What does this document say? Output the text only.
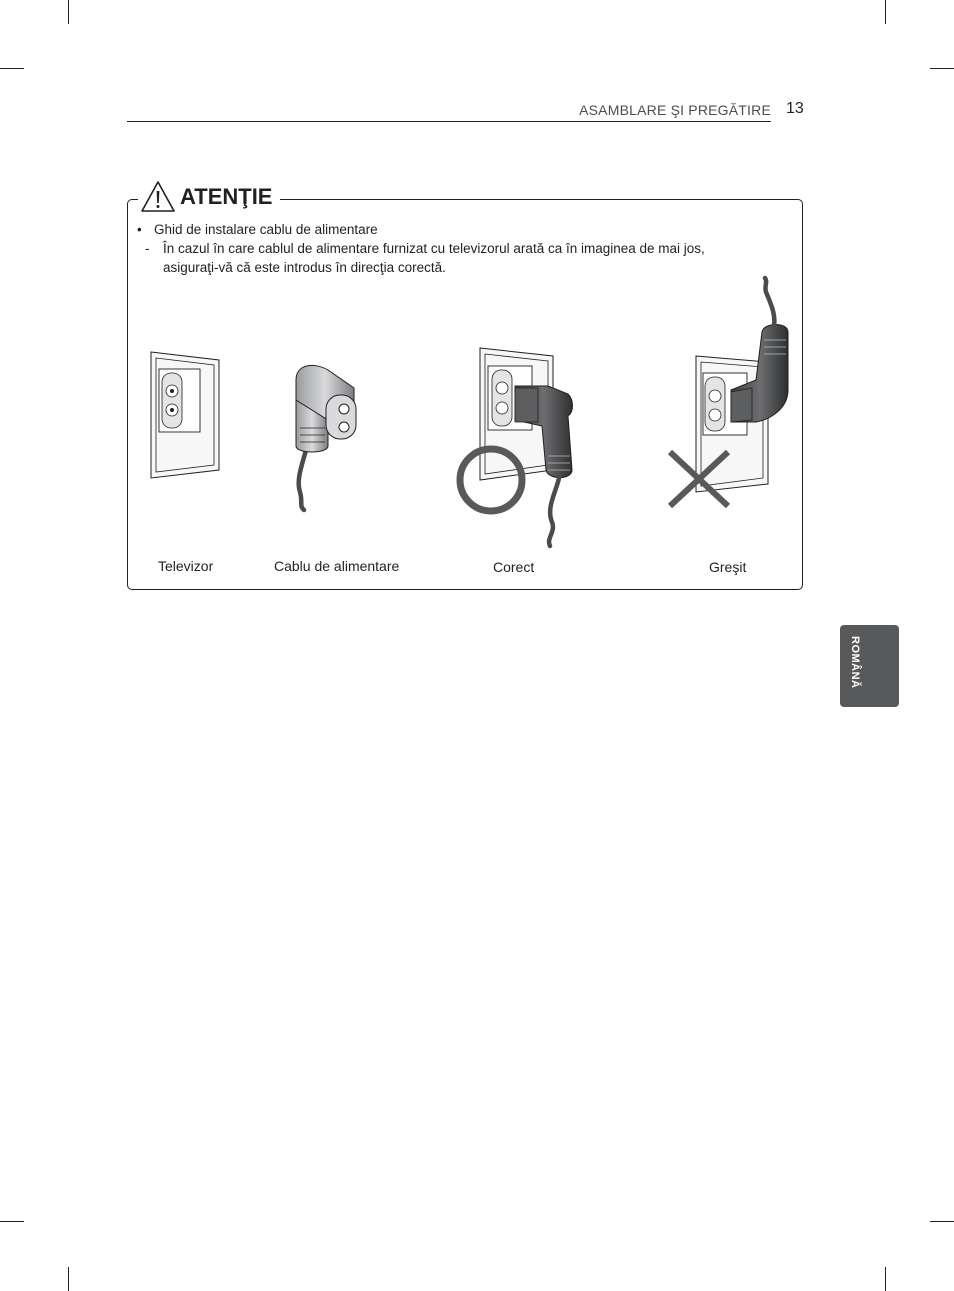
ASAMBLARE ŞI PREGĂTIRE 13
ATENŢIE
• Ghid de instalare cablu de alimentare
- În cazul în care cablul de alimentare furnizat cu televizorul arată ca în imaginea de mai jos,
asiguraţi-vă că este introdus în direcţia corectă.
Televizor	Cablu de alimentare	Corect	Greşit
ROMÂNĂ
